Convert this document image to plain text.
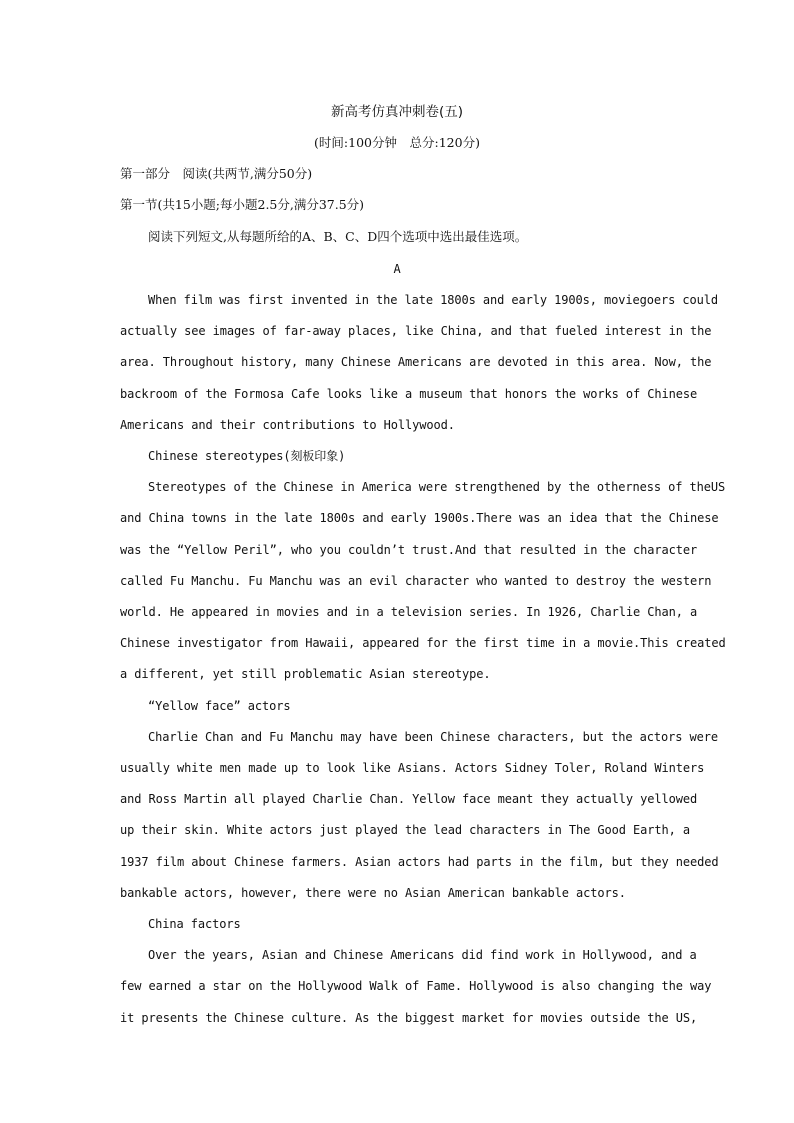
新高考仿真冲刺卷(五)
(时间:100分钟　总分:120分)
第一部分　阅读(共两节,满分50分)
第一节(共15小题;每小题2.5分,满分37.5分)
阅读下列短文,从每题所给的A、B、C、D四个选项中选出最佳选项。
A
When film was first invented in the late 1800s and early 1900s, moviegoers could
actually see images of far-away places, like China, and that fueled interest in the
area. Throughout history, many Chinese Americans are devoted in this area. Now, the
backroom of the Formosa Cafe looks like a museum that honors the works of Chinese
Americans and their contributions to Hollywood.
Chinese stereotypes(刻板印象)
Stereotypes of the Chinese in America were strengthened by the otherness of theUS
and China towns in the late 1800s and early 1900s.There was an idea that the Chinese
was the “Yellow Peril”, who you couldn’t trust.And that resulted in the character
called Fu Manchu. Fu Manchu was an evil character who wanted to destroy the western
world. He appeared in movies and in a television series. In 1926, Charlie Chan, a
Chinese investigator from Hawaii, appeared for the first time in a movie.This created
a different, yet still problematic Asian stereotype.
“Yellow face” actors
Charlie Chan and Fu Manchu may have been Chinese characters, but the actors were
usually white men made up to look like Asians. Actors Sidney Toler, Roland Winters
and Ross Martin all played Charlie Chan. Yellow face meant they actually yellowed
up their skin. White actors just played the lead characters in The Good Earth, a
1937 film about Chinese farmers. Asian actors had parts in the film, but they needed
bankable actors, however, there were no Asian American bankable actors.
China factors
Over the years, Asian and Chinese Americans did find work in Hollywood, and a
few earned a star on the Hollywood Walk of Fame. Hollywood is also changing the way
it presents the Chinese culture. As the biggest market for movies outside the US,
